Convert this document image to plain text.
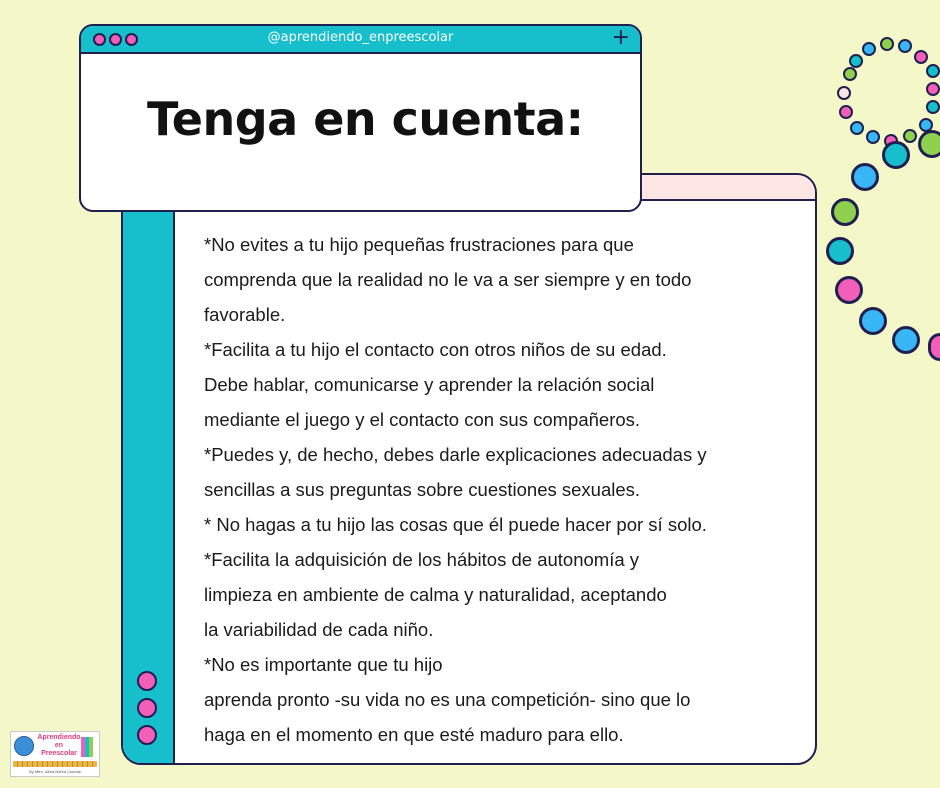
@aprendiendo_enpreescolar	+
Tenga en cuenta:
*No evites a tu hijo pequeñas frustraciones para que
comprenda que la realidad no le va a ser siempre y en todo
favorable.
*Facilita a tu hijo el contacto con otros niños de su edad.
Debe hablar, comunicarse y aprender la relación social
mediante el juego y el contacto con sus compañeros.
*Puedes y, de hecho, debes darle explicaciones adecuadas y
sencillas a sus preguntas sobre cuestiones sexuales.
* No hagas a tu hijo las cosas que él puede hacer por sí solo.
*Facilita la adquisición de los hábitos de autonomía y
limpieza en ambiente de calma y naturalidad, aceptando
la variabilidad de cada niño.
*No es importante que tu hijo
aprenda pronto -su vida no es una competición- sino que lo
haga en el momento en que esté maduro para ello.
Aprendiendo
en
Preescolar
By Mtro. Alma Nohra Cuevas
